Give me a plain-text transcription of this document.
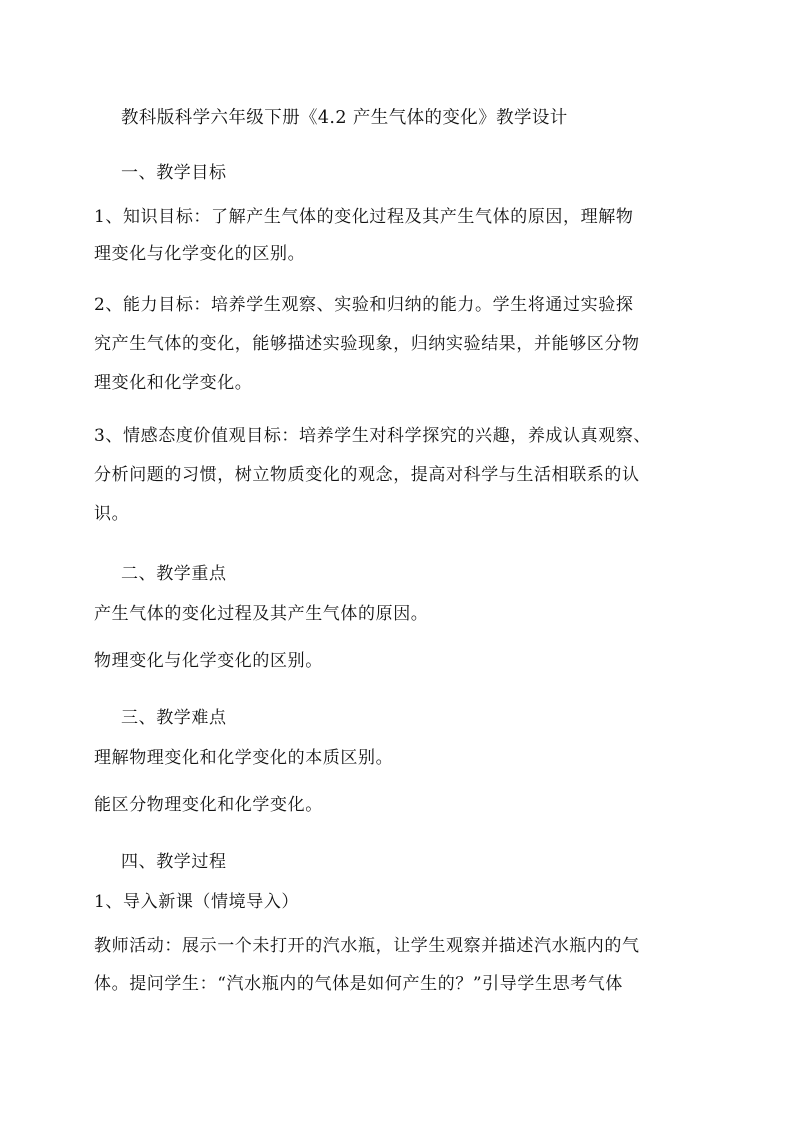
教科版科学六年级下册《4.2 产生气体的变化》教学设计
一、教学目标
1、知识目标：了解产生气体的变化过程及其产生气体的原因，理解物
理变化与化学变化的区别。
2、能力目标：培养学生观察、实验和归纳的能力。学生将通过实验探
究产生气体的变化，能够描述实验现象，归纳实验结果，并能够区分物
理变化和化学变化。
3、情感态度价值观目标：培养学生对科学探究的兴趣，养成认真观察、
分析问题的习惯，树立物质变化的观念，提高对科学与生活相联系的认
识。
二、教学重点
产生气体的变化过程及其产生气体的原因。
物理变化与化学变化的区别。
三、教学难点
理解物理变化和化学变化的本质区别。
能区分物理变化和化学变化。
四、教学过程
1、导入新课（情境导入）
教师活动：展示一个未打开的汽水瓶，让学生观察并描述汽水瓶内的气
体。提问学生：“汽水瓶内的气体是如何产生的？”引导学生思考气体
